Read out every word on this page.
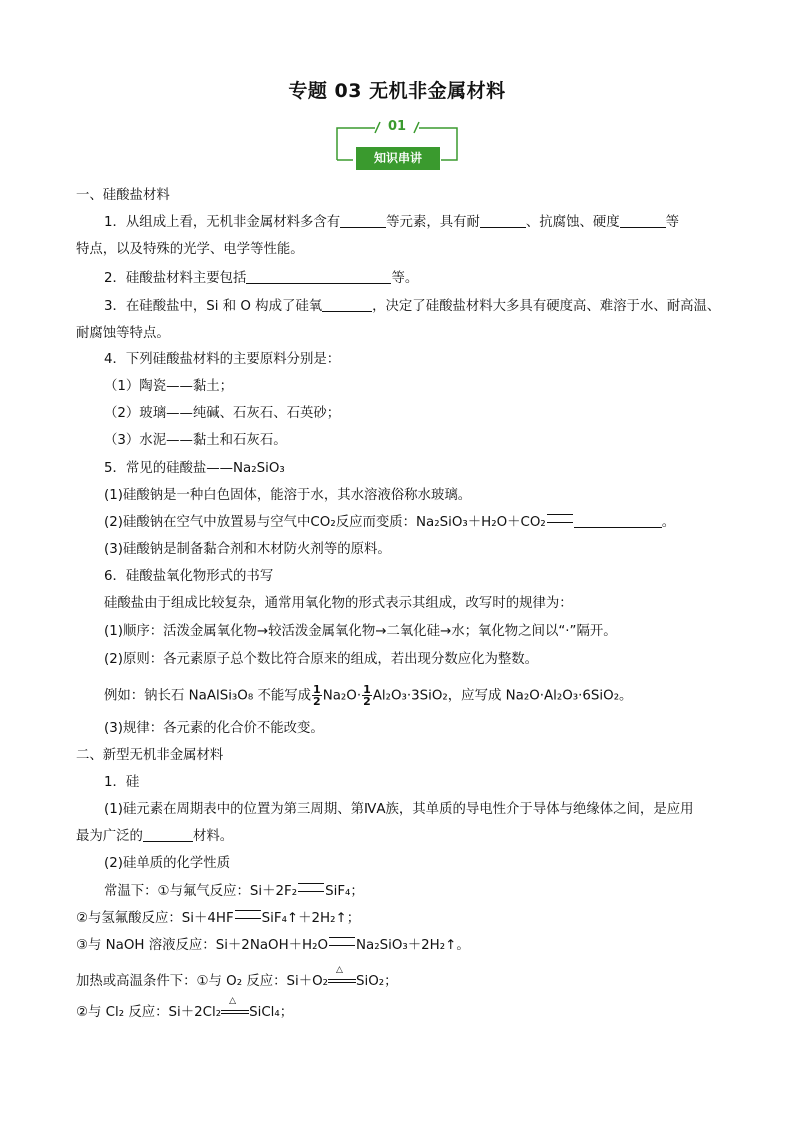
专题 03 无机非金属材料
01
知识串讲
一、硅酸盐材料
1．从组成上看，无机非金属材料多含有	等元素，具有耐	、抗腐蚀、硬度	等
特点，以及特殊的光学、电学等性能。
2．硅酸盐材料主要包括	等。
3．在硅酸盐中，Si 和 O 构成了硅氧	，决定了硅酸盐材料大多具有硬度高、难溶于水、耐高温、
耐腐蚀等特点。
4．下列硅酸盐材料的主要原料分别是：
（1）陶瓷——黏土；
（2）玻璃——纯碱、石灰石、石英砂；
（3）水泥——黏土和石灰石。
5．常见的硅酸盐——Na₂SiO₃
(1)硅酸钠是一种白色固体，能溶于水，其水溶液俗称水玻璃。
(2)硅酸钠在空气中放置易与空气中CO₂反应而变质：Na₂SiO₃＋H₂O＋CO₂	。
(3)硅酸钠是制备黏合剂和木材防火剂等的原料。
6．硅酸盐氧化物形式的书写
硅酸盐由于组成比较复杂，通常用氧化物的形式表示其组成，改写时的规律为：
(1)顺序：活泼金属氧化物→较活泼金属氧化物→二氧化硅→水；氧化物之间以“·”隔开。
(2)原则：各元素原子总个数比符合原来的组成，若出现分数应化为整数。
例如：钠长石 NaAlSi₃O₈ 不能写成 $\frac{1}{2} Na_2O\cdot \frac{1}{2} Al_2O_3\cdot 3SiO_2$，应写成 Na₂O·Al₂O₃·6SiO₂。
(3)规律：各元素的化合价不能改变。
二、新型无机非金属材料
1．硅
(1)硅元素在周期表中的位置为第三周期、第ⅣA族，其单质的导电性介于导体与绝缘体之间，是应用
最为广泛的	材料。
(2)硅单质的化学性质
常温下：①与氟气反应：Si＋2F₂ SiF₄；
②与氢氟酸反应：Si＋4HF SiF₄↑＋2H₂↑；
③与 NaOH 溶液反应：Si＋2NaOH＋H₂O Na₂SiO₃＋2H₂↑。
加热或高温条件下：①与 O₂ 反应：Si＋O₂
△
SiO₂；
②与 Cl₂ 反应：Si＋2Cl₂
△
SiCl₄；
